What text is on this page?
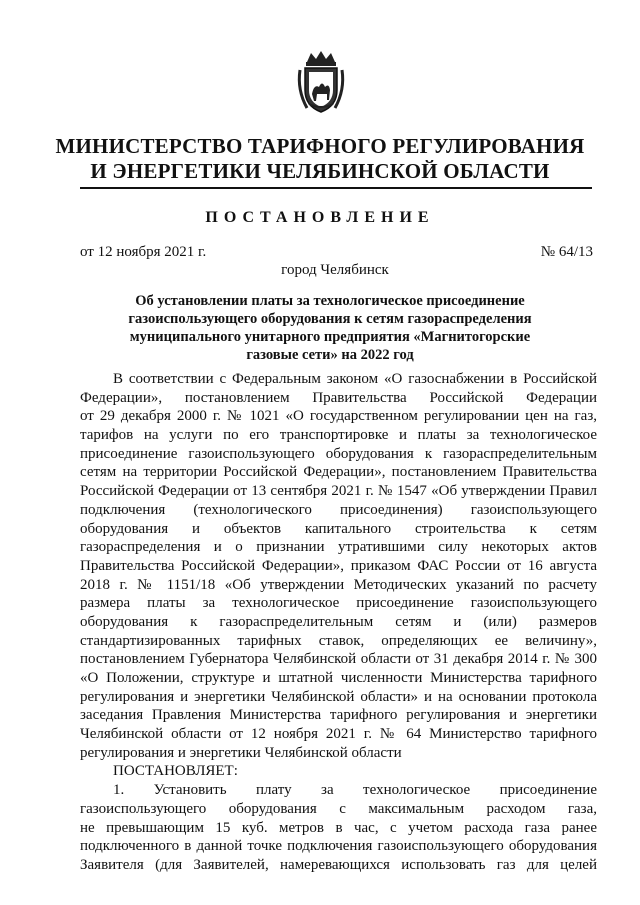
МИНИСТЕРСТВО ТАРИФНОГО РЕГУЛИРОВАНИЯ
И ЭНЕРГЕТИКИ ЧЕЛЯБИНСКОЙ ОБЛАСТИ
ПОСТАНОВЛЕНИЕ
от 12 ноября 2021 г.	№ 64/13
город Челябинск
Об установлении платы за технологическое присоединение
газоиспользующего оборудования к сетям газораспределения
муниципального унитарного предприятия «Магнитогорские
газовые сети» на 2022 год
В соответствии с Федеральным законом «О газоснабжении в Российской
Федерации», постановлением Правительства Российской Федерации
от 29 декабря 2000 г. № 1021 «О государственном регулировании цен на газ,
тарифов на услуги по его транспортировке и платы за технологическое
присоединение газоиспользующего оборудования к газораспределительным
сетям на территории Российской Федерации», постановлением Правительства
Российской Федерации от 13 сентября 2021 г. № 1547 «Об утверждении Правил
подключения (технологического присоединения) газоиспользующего
оборудования и объектов капитального строительства к сетям
газораспределения и о признании утратившими силу некоторых актов
Правительства Российской Федерации», приказом ФАС России от 16 августа
2018 г. № 1151/18 «Об утверждении Методических указаний по расчету
размера платы за технологическое присоединение газоиспользующего
оборудования к газораспределительным сетям и (или) размеров
стандартизированных тарифных ставок, определяющих ее величину»,
постановлением Губернатора Челябинской области от 31 декабря 2014 г. № 300
«О Положении, структуре и штатной численности Министерства тарифного
регулирования и энергетики Челябинской области» и на основании протокола
заседания Правления Министерства тарифного регулирования и энергетики
Челябинской области от 12 ноября 2021 г. № 64 Министерство тарифного
регулирования и энергетики Челябинской области
ПОСТАНОВЛЯЕТ:
1. Установить плату за технологическое присоединение
газоиспользующего оборудования с максимальным расходом газа,
не превышающим 15 куб. метров в час, с учетом расхода газа ранее
подключенного в данной точке подключения газоиспользующего оборудования
Заявителя (для Заявителей, намеревающихся использовать газ для целей
